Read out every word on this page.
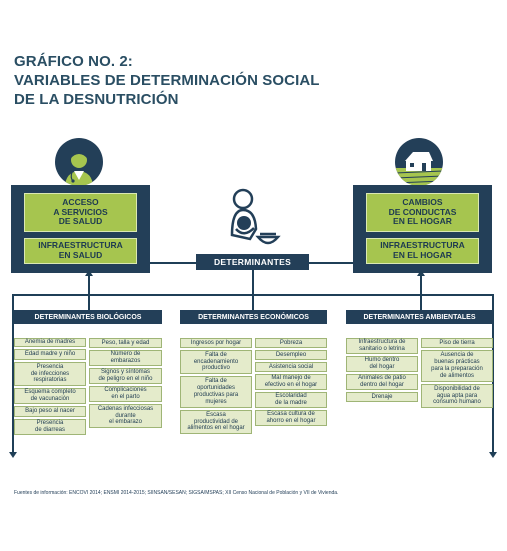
GRÁFICO NO. 2:
VARIABLES DE DETERMINACIÓN SOCIAL
DE LA DESNUTRICIÓN
ACCESO
A SERVICIOS
DE SALUD
INFRAESTRUCTURA
EN SALUD
CAMBIOS
DE CONDUCTAS
EN EL HOGAR
INFRAESTRUCTURA
EN EL HOGAR
DETERMINANTES
DETERMINANTES BIOLÓGICOS	DETERMINANTES ECONÓMICOS	DETERMINANTES AMBIENTALES
Anemia de madres
Edad madre y niño
Presencia
de infecciones
respiratorias
Esquema completo
de vacunación
Bajo peso al nacer
Presencia
de diarreas
Peso, talla y edad
Número de
embarazos
Signos y síntomas
de peligro en el niño
Complicaciones
en el parto
Cadenas infecciosas
durante
el embarazo
Ingresos por hogar
Falta de
encadenamiento
productivo
Falta de
oportunidades
productivas para
mujeres
Escasa
productividad de
alimentos en el hogar
Pobreza
Desempleo
Asistencia social
Mal manejo de
efectivo en el hogar
Escolaridad
de la madre
Escasa cultura de
ahorro en el hogar
Infraestructura de
sanitario o letrina
Humo dentro
del hogar
Animales de patio
dentro del hogar
Drenaje
Piso de tierra
Ausencia de
buenas prácticas
para la preparación
de alimentos
Disponibilidad de
agua apta para
consumo humano
Fuentes de información: ENCOVI 2014; ENSMI 2014-2015; SIINSAN/SESAN; SIGSA/MSPAS; XII Censo Nacional de Población y VII de Vivienda.
